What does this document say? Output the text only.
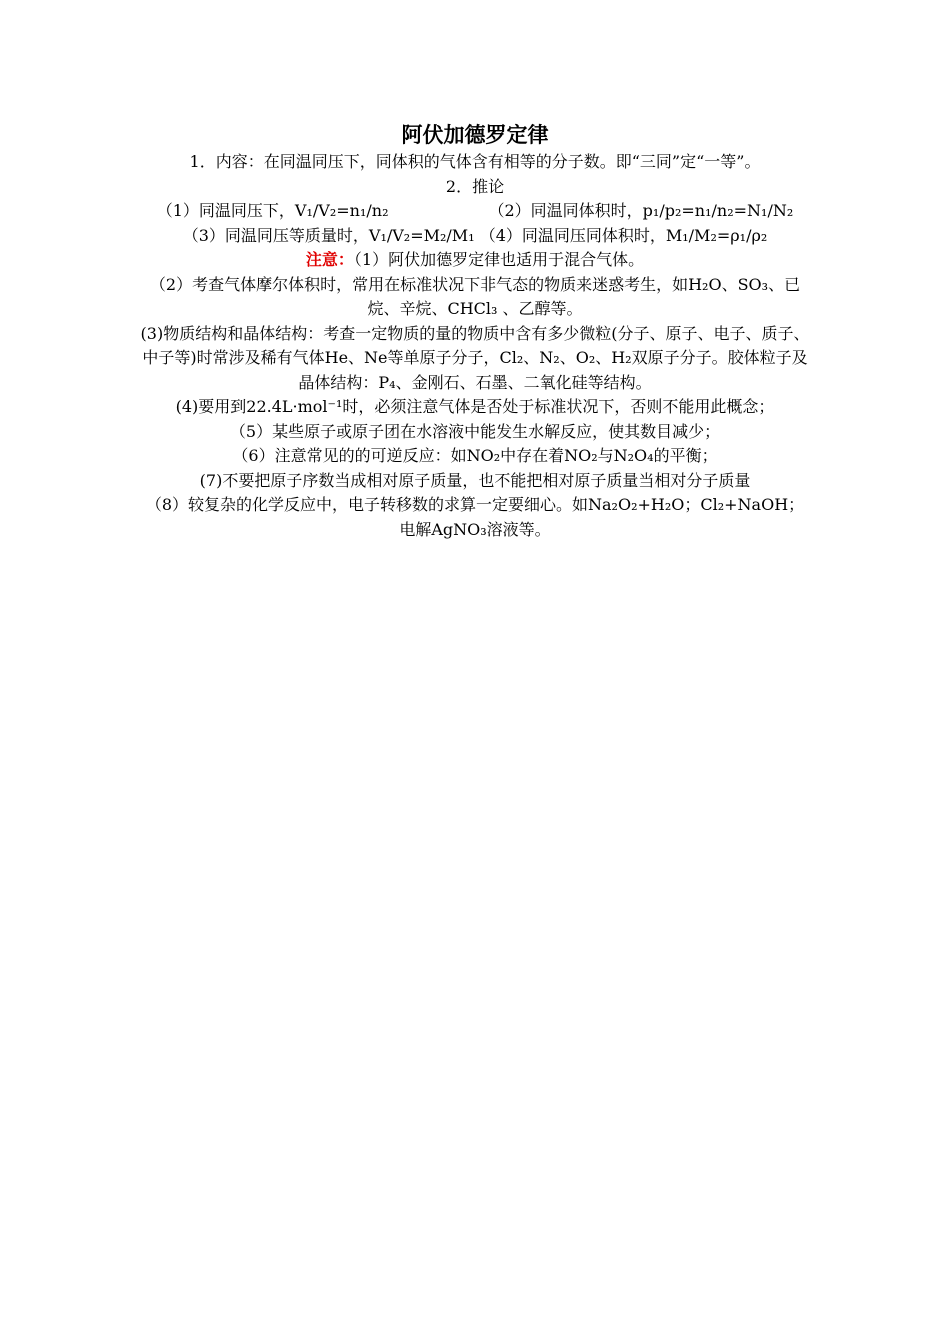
阿伏加德罗定律

1．内容：在同温同压下，同体积的气体含有相等的分子数。即“三同”定“一等”。

2．推论

（1）同温同压下，V₁/V₂=n₁/n₂	（2）同温同体积时，p₁/p₂=n₁/n₂=N₁/N₂

（3）同温同压等质量时，V₁/V₂=M₂/M₁ （4）同温同压同体积时，M₁/M₂=ρ₁/ρ₂

注意：（1）阿伏加德罗定律也适用于混合气体。

（2）考查气体摩尔体积时，常用在标准状况下非气态的物质来迷惑考生，如H₂O、SO₃、已烷、辛烷、CHCl₃ 、乙醇等。

(3)物质结构和晶体结构：考查一定物质的量的物质中含有多少微粒(分子、原子、电子、质子、中子等)时常涉及稀有气体He、Ne等单原子分子，Cl₂、N₂、O₂、H₂双原子分子。胶体粒子及晶体结构：P₄、金刚石、石墨、二氧化硅等结构。

(4)要用到22.4L·mol⁻¹时，必须注意气体是否处于标准状况下，否则不能用此概念；

（5）某些原子或原子团在水溶液中能发生水解反应，使其数目减少；

（6）注意常见的的可逆反应：如NO₂中存在着NO₂与N₂O₄的平衡；

(7)不要把原子序数当成相对原子质量，也不能把相对原子质量当相对分子质量

（8）较复杂的化学反应中，电子转移数的求算一定要细心。如Na₂O₂+H₂O；Cl₂+NaOH；电解AgNO₃溶液等。
